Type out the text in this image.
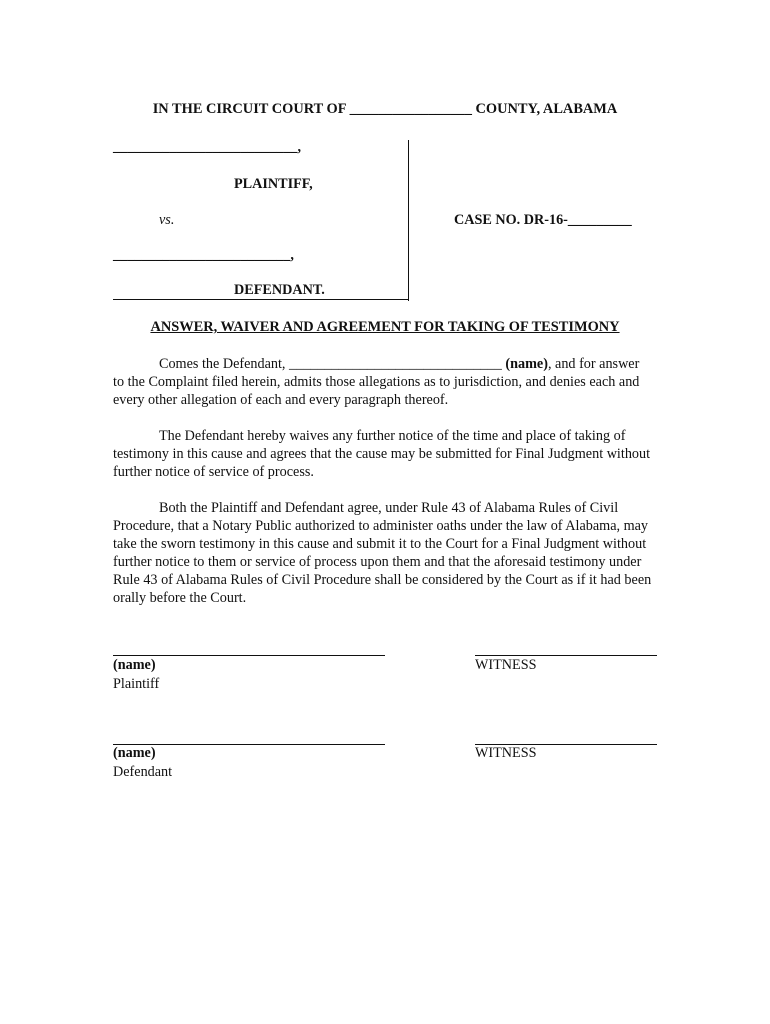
IN THE CIRCUIT COURT OF _________________ COUNTY, ALABAMA
__________________________,
PLAINTIFF,
vs.
_________________________,
DEFENDANT.
CASE NO. DR-16-_________
ANSWER, WAIVER AND AGREEMENT FOR TAKING OF TESTIMONY

Comes the Defendant, ______________________________ (name), and for answer to the Complaint filed herein, admits those allegations as to jurisdiction, and denies each and every other allegation of each and every paragraph thereof.

The Defendant hereby waives any further notice of the time and place of taking of testimony in this cause and agrees that the cause may be submitted for Final Judgment without further notice of service of process.

Both the Plaintiff and Defendant agree, under Rule 43 of Alabama Rules of Civil Procedure, that a Notary Public authorized to administer oaths under the law of Alabama, may take the sworn testimony in this cause and submit it to the Court for a Final Judgment without further notice to them or service of process upon them and that the aforesaid testimony under Rule 43 of Alabama Rules of Civil Procedure shall be considered by the Court as if it had been orally before the Court.

(name)
Plaintiff
WITNESS
(name)
Defendant
WITNESS
